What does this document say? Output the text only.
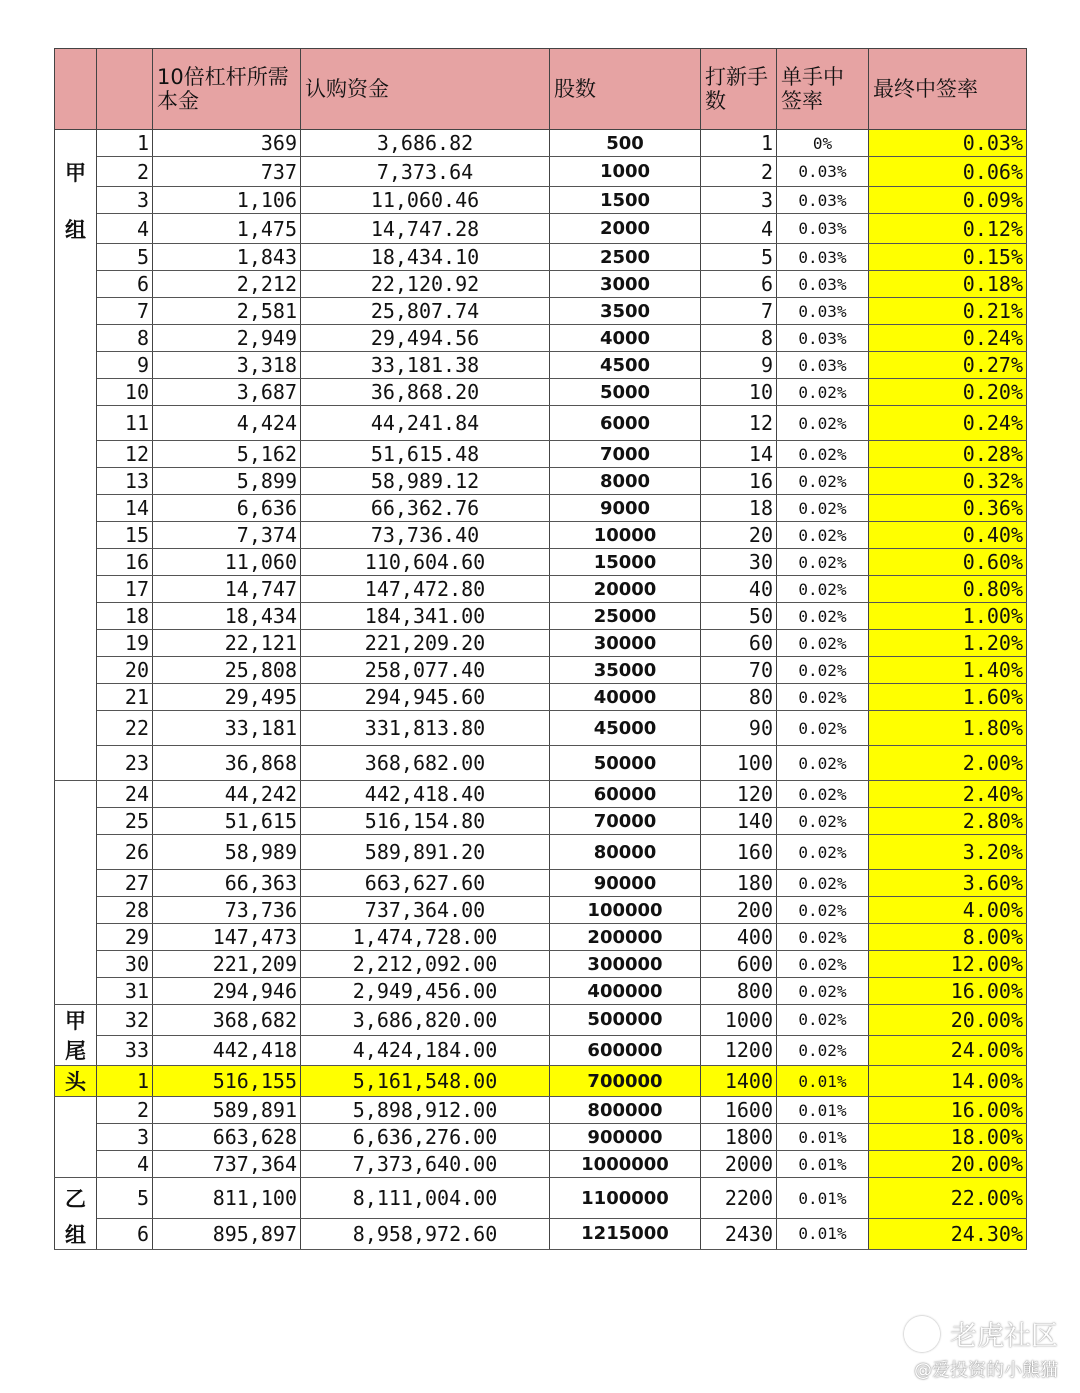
		10倍杠杆所需本金	认购资金	股数	打新手数	单手中签率	最终中签率
	1	369	3,686.82	500	1	0%	0.03%
甲	2	737	7,373.64	1000	2	0.03%	0.06%
	3	1,106	11,060.46	1500	3	0.03%	0.09%
组	4	1,475	14,747.28	2000	4	0.03%	0.12%
	5	1,843	18,434.10	2500	5	0.03%	0.15%
	6	2,212	22,120.92	3000	6	0.03%	0.18%
	7	2,581	25,807.74	3500	7	0.03%	0.21%
	8	2,949	29,494.56	4000	8	0.03%	0.24%
	9	3,318	33,181.38	4500	9	0.03%	0.27%
	10	3,687	36,868.20	5000	10	0.02%	0.20%
	11	4,424	44,241.84	6000	12	0.02%	0.24%
	12	5,162	51,615.48	7000	14	0.02%	0.28%
	13	5,899	58,989.12	8000	16	0.02%	0.32%
	14	6,636	66,362.76	9000	18	0.02%	0.36%
	15	7,374	73,736.40	10000	20	0.02%	0.40%
	16	11,060	110,604.60	15000	30	0.02%	0.60%
	17	14,747	147,472.80	20000	40	0.02%	0.80%
	18	18,434	184,341.00	25000	50	0.02%	1.00%
	19	22,121	221,209.20	30000	60	0.02%	1.20%
	20	25,808	258,077.40	35000	70	0.02%	1.40%
	21	29,495	294,945.60	40000	80	0.02%	1.60%
	22	33,181	331,813.80	45000	90	0.02%	1.80%
	23	36,868	368,682.00	50000	100	0.02%	2.00%
	24	44,242	442,418.40	60000	120	0.02%	2.40%
	25	51,615	516,154.80	70000	140	0.02%	2.80%
	26	58,989	589,891.20	80000	160	0.02%	3.20%
	27	66,363	663,627.60	90000	180	0.02%	3.60%
	28	73,736	737,364.00	100000	200	0.02%	4.00%
	29	147,473	1,474,728.00	200000	400	0.02%	8.00%
	30	221,209	2,212,092.00	300000	600	0.02%	12.00%
	31	294,946	2,949,456.00	400000	800	0.02%	16.00%
甲	32	368,682	3,686,820.00	500000	1000	0.02%	20.00%
尾	33	442,418	4,424,184.00	600000	1200	0.02%	24.00%
头	1	516,155	5,161,548.00	700000	1400	0.01%	14.00%
	2	589,891	5,898,912.00	800000	1600	0.01%	16.00%
	3	663,628	6,636,276.00	900000	1800	0.01%	18.00%
	4	737,364	7,373,640.00	1000000	2000	0.01%	20.00%
乙	5	811,100	8,111,004.00	1100000	2200	0.01%	22.00%
组	6	895,897	8,958,972.60	1215000	2430	0.01%	24.30%
老虎社区
@爱投资的小熊猫
